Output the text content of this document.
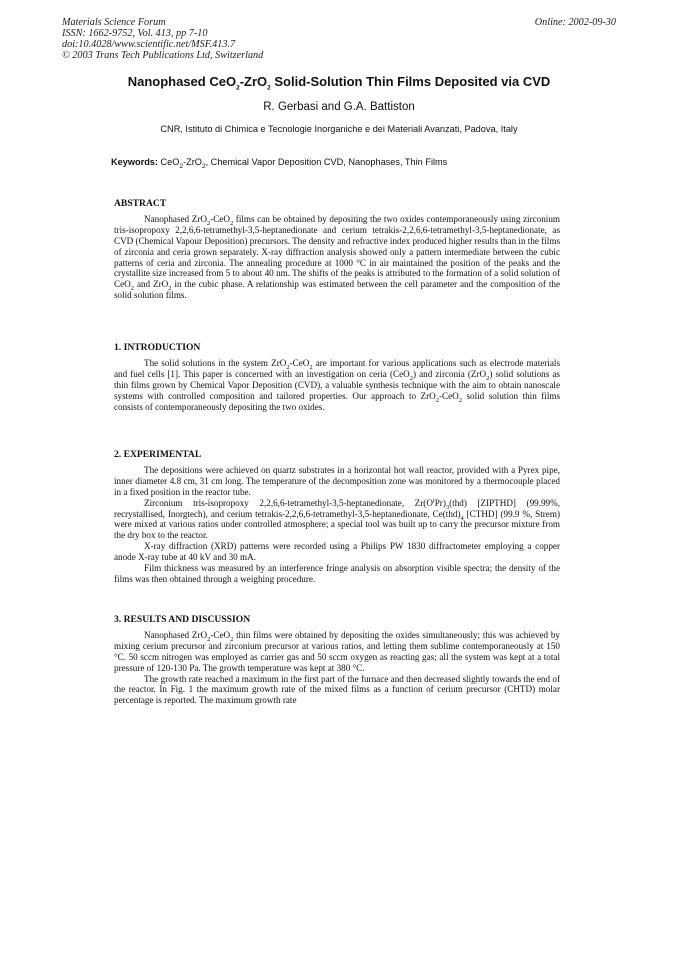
Materials Science Forum
ISSN: 1662-9752, Vol. 413, pp 7-10
doi:10.4028/www.scientific.net/MSF.413.7
© 2003 Trans Tech Publications Ltd, Switzerland
Online: 2002-09-30
Nanophased CeO$_2$-ZrO$_2$ Solid-Solution Thin Films Deposited via CVD
R. Gerbasi and G.A. Battiston
CNR, Istituto di Chimica e Tecnologie Inorganiche e dei Materiali Avanzati, Padova, Italy
Keywords: CeO$_2$-ZrO$_2$, Chemical Vapor Deposition CVD, Nanophases, Thin Films
ABSTRACT

Nanophased ZrO$_2$-CeO$_2$ films can be obtained by depositing the two oxides contemporaneously using zirconium tris-isopropoxy 2,2,6,6-tetramethyl-3,5-heptanedionate and cerium tetrakis-2,2,6,6-tetramethyl-3,5-heptanedionate, as CVD (Chemical Vapour Deposition) precursors. The density and refractive index produced higher results than in the films of zirconia and ceria grown separately. X-ray diffraction analysis showed only a pattern intermediate between the cubic patterns of ceria and zirconia. The annealing procedure at 1000 °C in air maintained the position of the peaks and the crystallite size increased from 5 to about 40 nm. The shifts of the peaks is attributed to the formation of a solid solution of CeO$_2$ and ZrO$_2$ in the cubic phase. A relationship was estimated between the cell parameter and the composition of the solid solution films.

1. INTRODUCTION

The solid solutions in the system ZrO$_2$-CeO$_2$ are important for various applications such as electrode materials and fuel cells [1]. This paper is concerned with an investigation on ceria (CeO$_2$) and zirconia (ZrO$_2$) solid solutions as thin films grown by Chemical Vapor Deposition (CVD), a valuable synthesis technique with the aim to obtain nanoscale systems with controlled composition and tailored properties. Our approach to ZrO$_2$-CeO$_2$ solid solution thin films consists of contemporaneously depositing the two oxides.

2. EXPERIMENTAL

The depositions were achieved on quartz substrates in a horizontal hot wall reactor, provided with a Pyrex pipe, inner diameter 4.8 cm, 31 cm long. The temperature of the decomposition zone was monitored by a thermocouple placed in a fixed position in the reactor tube.

Zirconium tris-isopropoxy 2,2,6,6-tetramethyl-3,5-heptanedionate, $Zr(O^iPr)_3(thd)$ [ZIPTHD] (99.99%, recrystallised, Inorgtech), and cerium tetrakis-2,2,6,6-tetramethyl-3,5-heptanedionate, $Ce(thd)_4$ [CTHD] (99.9 %, Strem) were mixed at various ratios under controlled atmosphere; a special tool was built up to carry the precursor mixture from the dry box to the reactor.

X-ray diffraction (XRD) patterns were recorded using a Philips PW 1830 diffractometer employing a copper anode X-ray tube at 40 kV and 30 mA.

Film thickness was measured by an interference fringe analysis on absorption visible spectra; the density of the films was then obtained through a weighing procedure.

3. RESULTS AND DISCUSSION

Nanophased ZrO$_2$-CeO$_2$ thin films were obtained by depositing the oxides simultaneously; this was achieved by mixing cerium precursor and zirconium precursor at various ratios, and letting them sublime contemporaneously at 150 °C. 50 sccm nitrogen was employed as carrier gas and 50 sccm oxygen as reacting gas; all the system was kept at a total pressure of 120-130 Pa. The growth temperature was kept at 380 °C.

The growth rate reached a maximum in the first part of the furnace and then decreased slightly towards the end of the reactor. In Fig. 1 the maximum growth rate of the mixed films as a function of cerium precursor (CHTD) molar percentage is reported. The maximum growth rate
